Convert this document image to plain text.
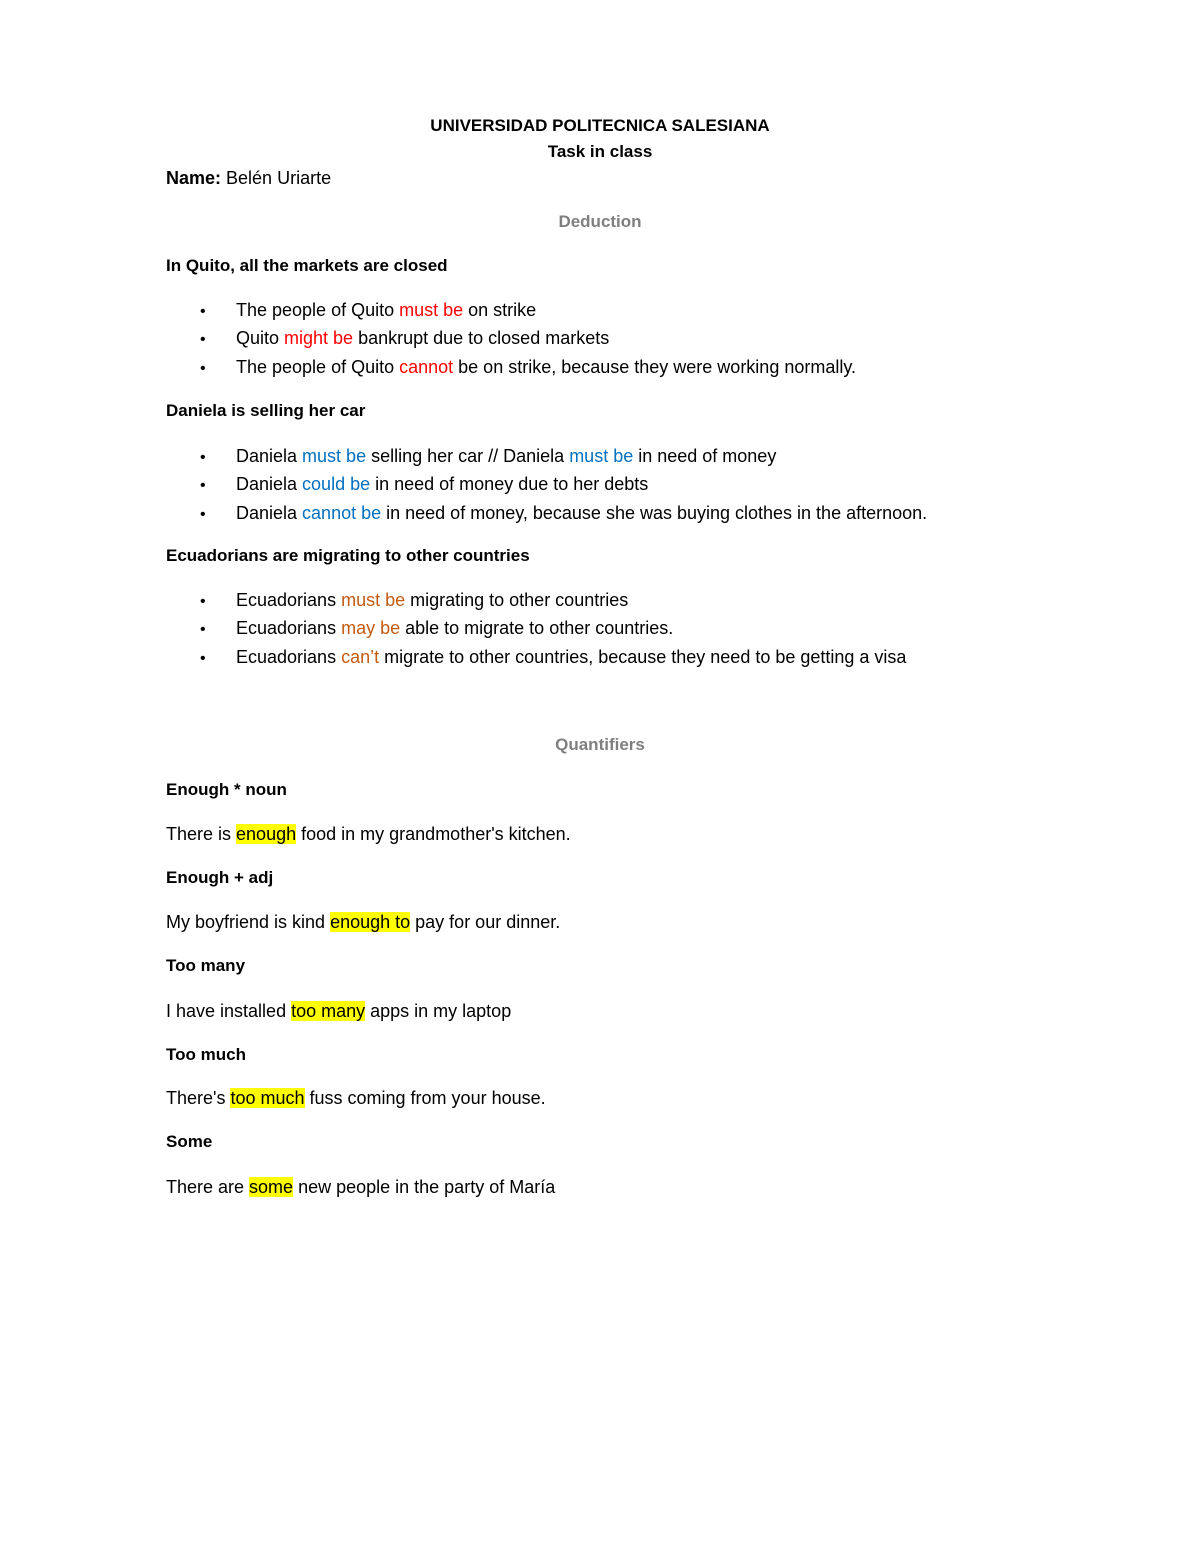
UNIVERSIDAD POLITECNICA SALESIANA
Task in class
Name: Belén Uriarte
Deduction
In Quito, all the markets are closed
• The people of Quito must be on strike
• Quito might be bankrupt due to closed markets
• The people of Quito cannot be on strike, because they were working normally.
Daniela is selling her car
• Daniela must be selling her car // Daniela must be in need of money
• Daniela could be in need of money due to her debts
• Daniela cannot be in need of money, because she was buying clothes in the afternoon.
Ecuadorians are migrating to other countries
• Ecuadorians must be migrating to other countries
• Ecuadorians may be able to migrate to other countries.
• Ecuadorians can’t migrate to other countries, because they need to be getting a visa
Quantifiers
Enough * noun
There is enough food in my grandmother's kitchen.
Enough + adj
My boyfriend is kind enough to pay for our dinner.
Too many
I have installed too many apps in my laptop
Too much
There's too much fuss coming from your house.
Some
There are some new people in the party of María
